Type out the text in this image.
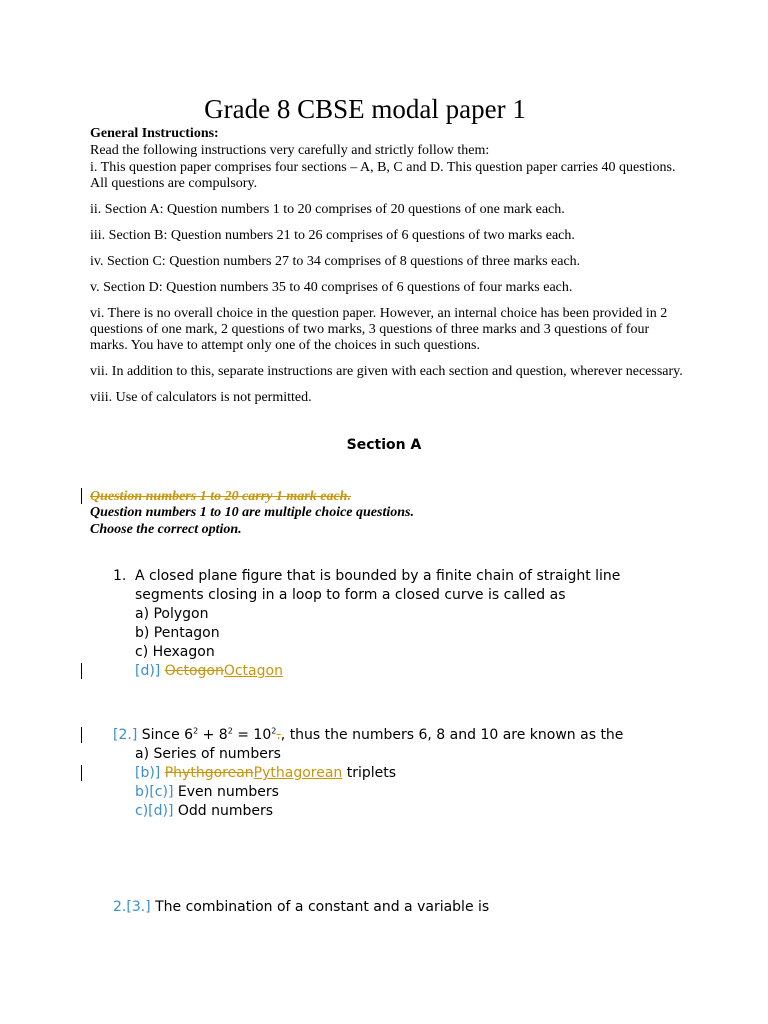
Grade 8 CBSE modal paper 1
General Instructions:
Read the following instructions very carefully and strictly follow them:
i. This question paper comprises four sections – A, B, C and D. This question paper carries 40 questions. All questions are compulsory.
ii. Section A: Question numbers 1 to 20 comprises of 20 questions of one mark each.
iii. Section B: Question numbers 21 to 26 comprises of 6 questions of two marks each.
iv. Section C: Question numbers 27 to 34 comprises of 8 questions of three marks each.
v. Section D: Question numbers 35 to 40 comprises of 6 questions of four marks each.
vi. There is no overall choice in the question paper. However, an internal choice has been provided in 2 questions of one mark, 2 questions of two marks, 3 questions of three marks and 3 questions of four marks. You have to attempt only one of the choices in such questions.
vii. In addition to this, separate instructions are given with each section and question, wherever necessary.
viii. Use of calculators is not permitted.
Section A
Question numbers 1 to 20 carry 1 mark each.
Question numbers 1 to 10 are multiple choice questions.
Choose the correct option.
1. A closed plane figure that is bounded by a finite chain of straight line
segments closing in a loop to form a closed curve is called as
a) Polygon
b) Pentagon
c) Hexagon
[d)] OctogonOctagon
[2.] Since $6^2 + 8^2 = 10^2$., thus the numbers 6, 8 and 10 are known as the
a) Series of numbers
[b)] PhythgoreanPythagorean triplets
b)[c)] Even numbers
c)[d)] Odd numbers
2.[3.] The combination of a constant and a variable is
